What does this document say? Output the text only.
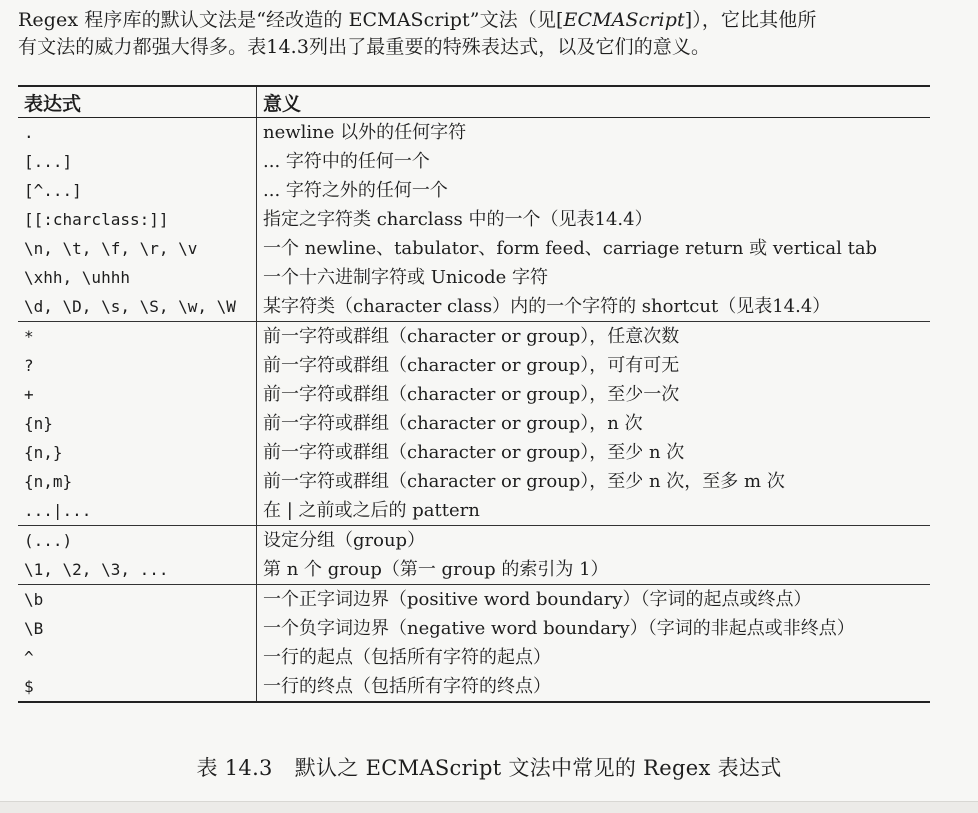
Regex 程序库的默认文法是“经改造的 ECMAScript”文法（见[ECMAScript]），它比其他所

有文法的威力都强大得多。表14.3列出了最重要的特殊表达式，以及它们的意义。

表达式	意义
.	newline 以外的任何字符
[...]	... 字符中的任何一个
[^...]	... 字符之外的任何一个
[[:charclass:]]	指定之字符类 charclass 中的一个（见表14.4）
\n, \t, \f, \r, \v	一个 newline、tabulator、form feed、carriage return 或 vertical tab
\xhh, \uhhh	一个十六进制字符或 Unicode 字符
\d, \D, \s, \S, \w, \W	某字符类（character class）内的一个字符的 shortcut（见表14.4）
*	前一字符或群组（character or group），任意次数
?	前一字符或群组（character or group），可有可无
+	前一字符或群组（character or group），至少一次
{n}	前一字符或群组（character or group），n 次
{n,}	前一字符或群组（character or group），至少 n 次
{n,m}	前一字符或群组（character or group），至少 n 次，至多 m 次
...|...	在 | 之前或之后的 pattern
(...)	设定分组（group）
\1, \2, \3, ...	第 n 个 group（第一 group 的索引为 1）
\b	一个正字词边界（positive word boundary）（字词的起点或终点）
\B	一个负字词边界（negative word boundary）（字词的非起点或非终点）
^	一行的起点（包括所有字符的起点）
$	一行的终点（包括所有字符的终点）
表 14.3 默认之 ECMAScript 文法中常见的 Regex 表达式
